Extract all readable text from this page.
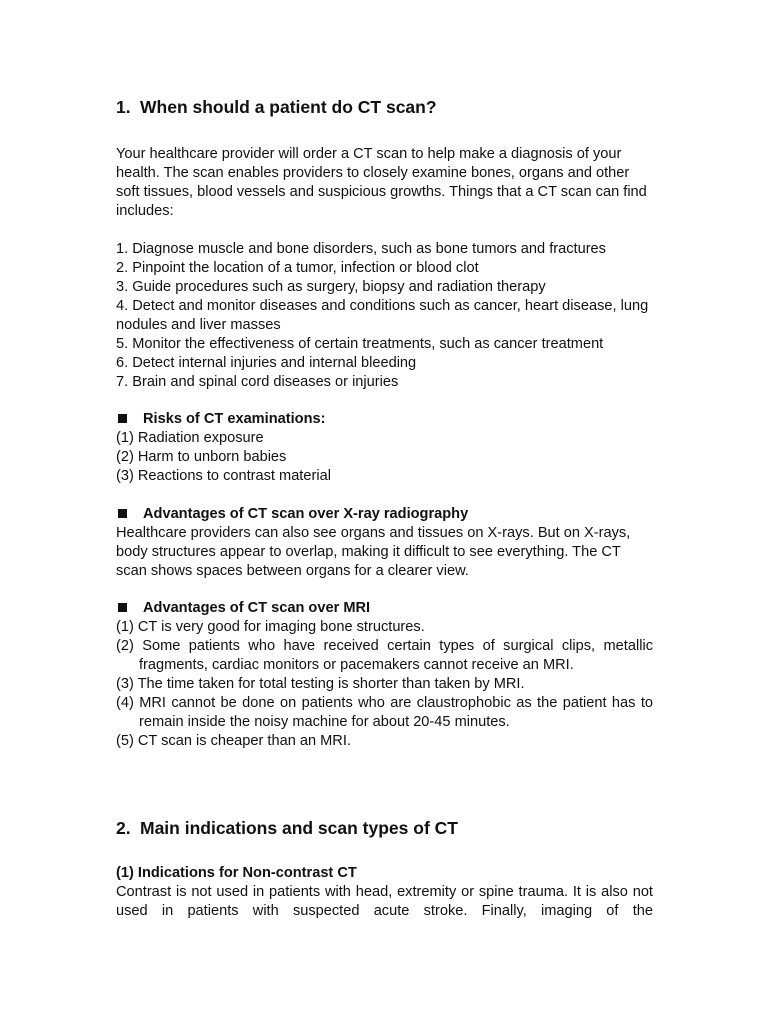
1. When should a patient do CT scan?
Your healthcare provider will order a CT scan to help make a diagnosis of your health. The scan enables providers to closely examine bones, organs and other soft tissues, blood vessels and suspicious growths. Things that a CT scan can find includes:
1. Diagnose muscle and bone disorders, such as bone tumors and fractures
2. Pinpoint the location of a tumor, infection or blood clot
3. Guide procedures such as surgery, biopsy and radiation therapy
4. Detect and monitor diseases and conditions such as cancer, heart disease, lung nodules and liver masses
5. Monitor the effectiveness of certain treatments, such as cancer treatment
6. Detect internal injuries and internal bleeding
7. Brain and spinal cord diseases or injuries
Risks of CT examinations:
(1) Radiation exposure
(2) Harm to unborn babies
(3) Reactions to contrast material
Advantages of CT scan over X-ray radiography
Healthcare providers can also see organs and tissues on X-rays. But on X-rays, body structures appear to overlap, making it difficult to see everything. The CT scan shows spaces between organs for a clearer view.
Advantages of CT scan over MRI
(1) CT is very good for imaging bone structures.
(2) Some patients who have received certain types of surgical clips, metallic fragments, cardiac monitors or pacemakers cannot receive an MRI.
(3) The time taken for total testing is shorter than taken by MRI.
(4) MRI cannot be done on patients who are claustrophobic as the patient has to remain inside the noisy machine for about 20-45 minutes.
(5) CT scan is cheaper than an MRI.
2. Main indications and scan types of CT
(1) Indications for Non-contrast CT
Contrast is not used in patients with head, extremity or spine trauma. It is also not used in patients with suspected acute stroke. Finally, imaging of the
